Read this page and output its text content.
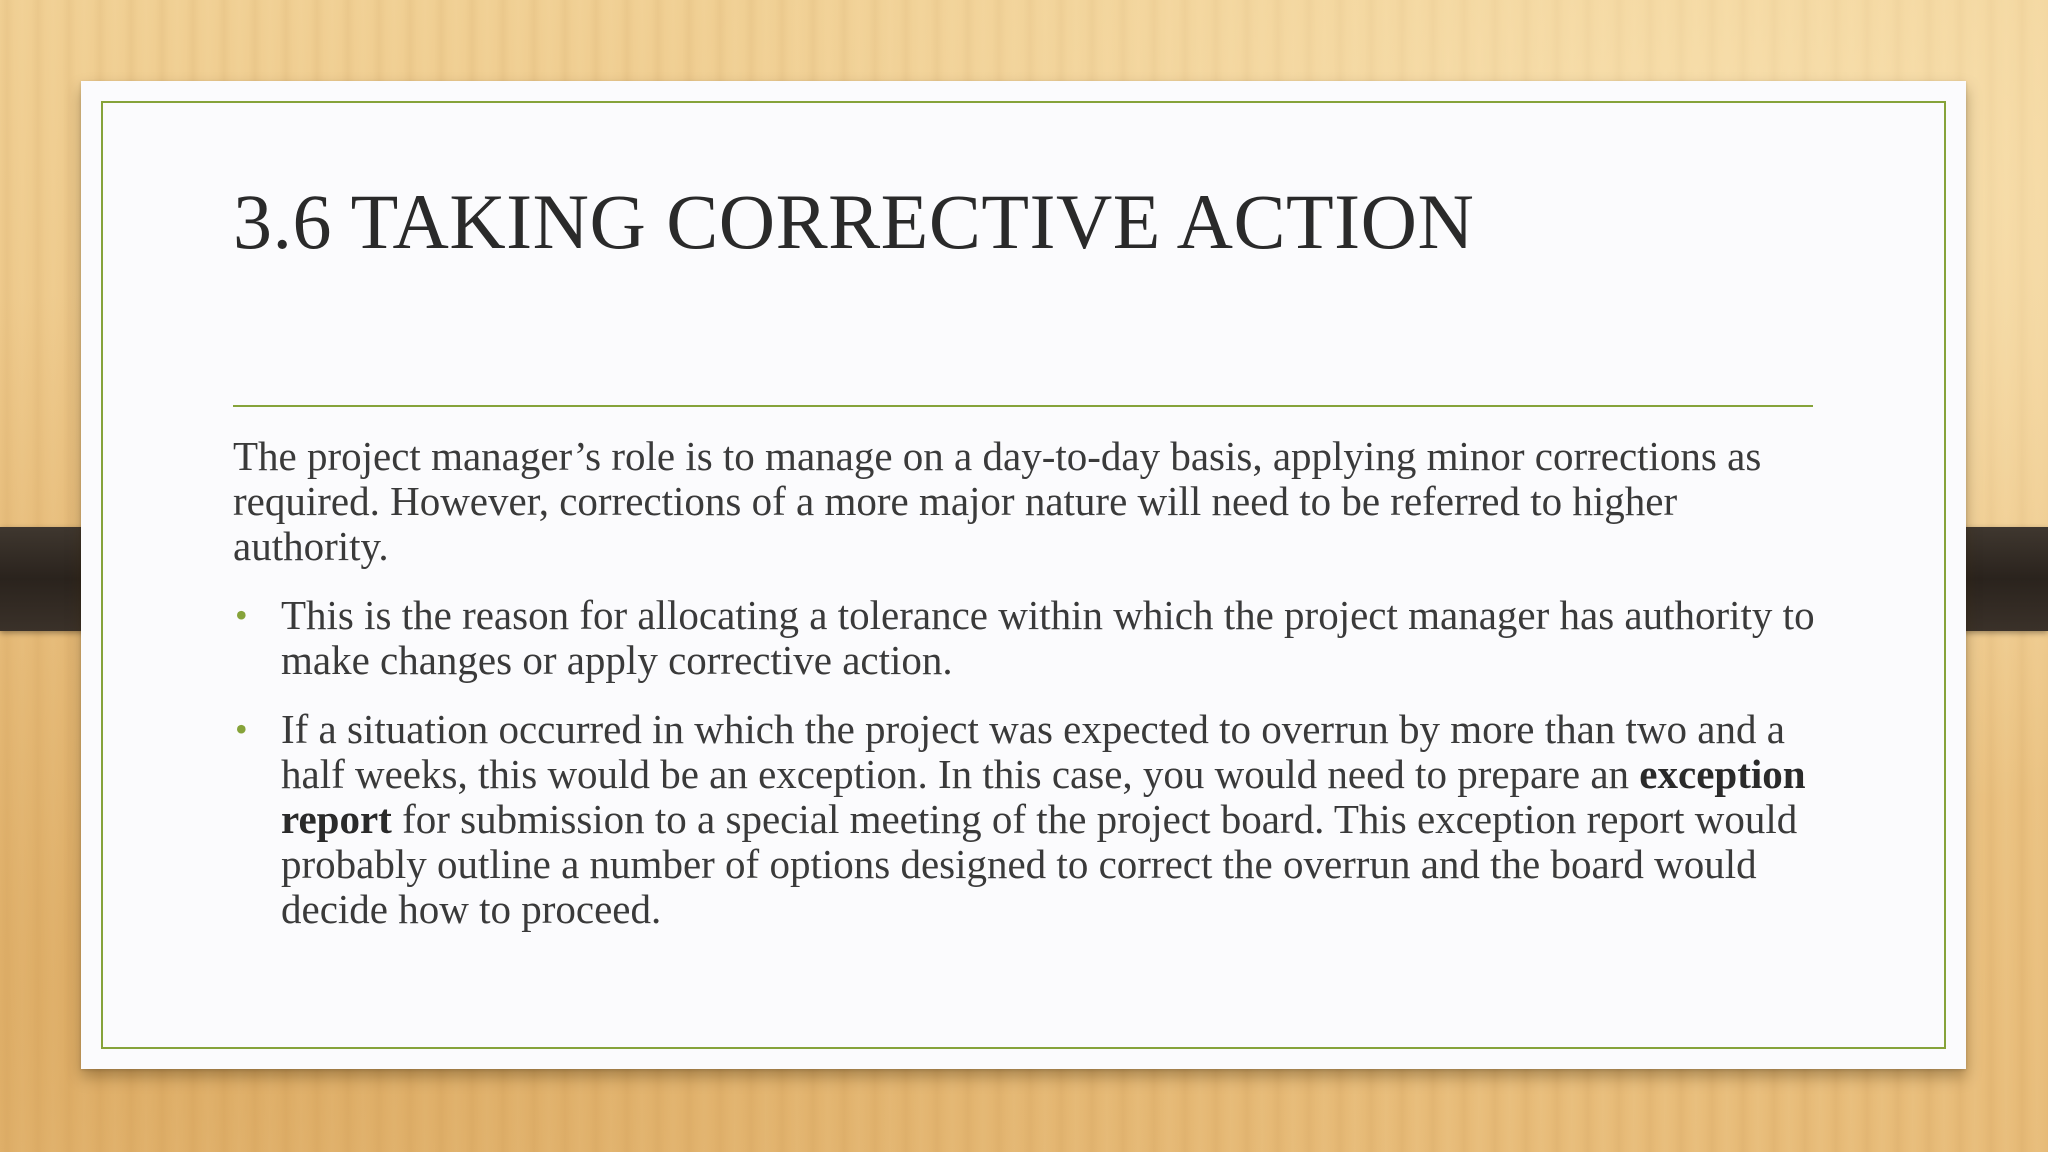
3.6 TAKING CORRECTIVE ACTION

The project manager’s role is to manage on a day-to-day basis, applying minor corrections as required. However, corrections of a more major nature will need to be referred to higher authority.

• This is the reason for allocating a tolerance within which the project manager has authority to make changes or apply corrective action.
• If a situation occurred in which the project was expected to overrun by more than two and a half weeks, this would be an exception. In this case, you would need to prepare an exception report for submission to a special meeting of the project board. This exception report would probably outline a number of options designed to correct the overrun and the board would decide how to proceed.
